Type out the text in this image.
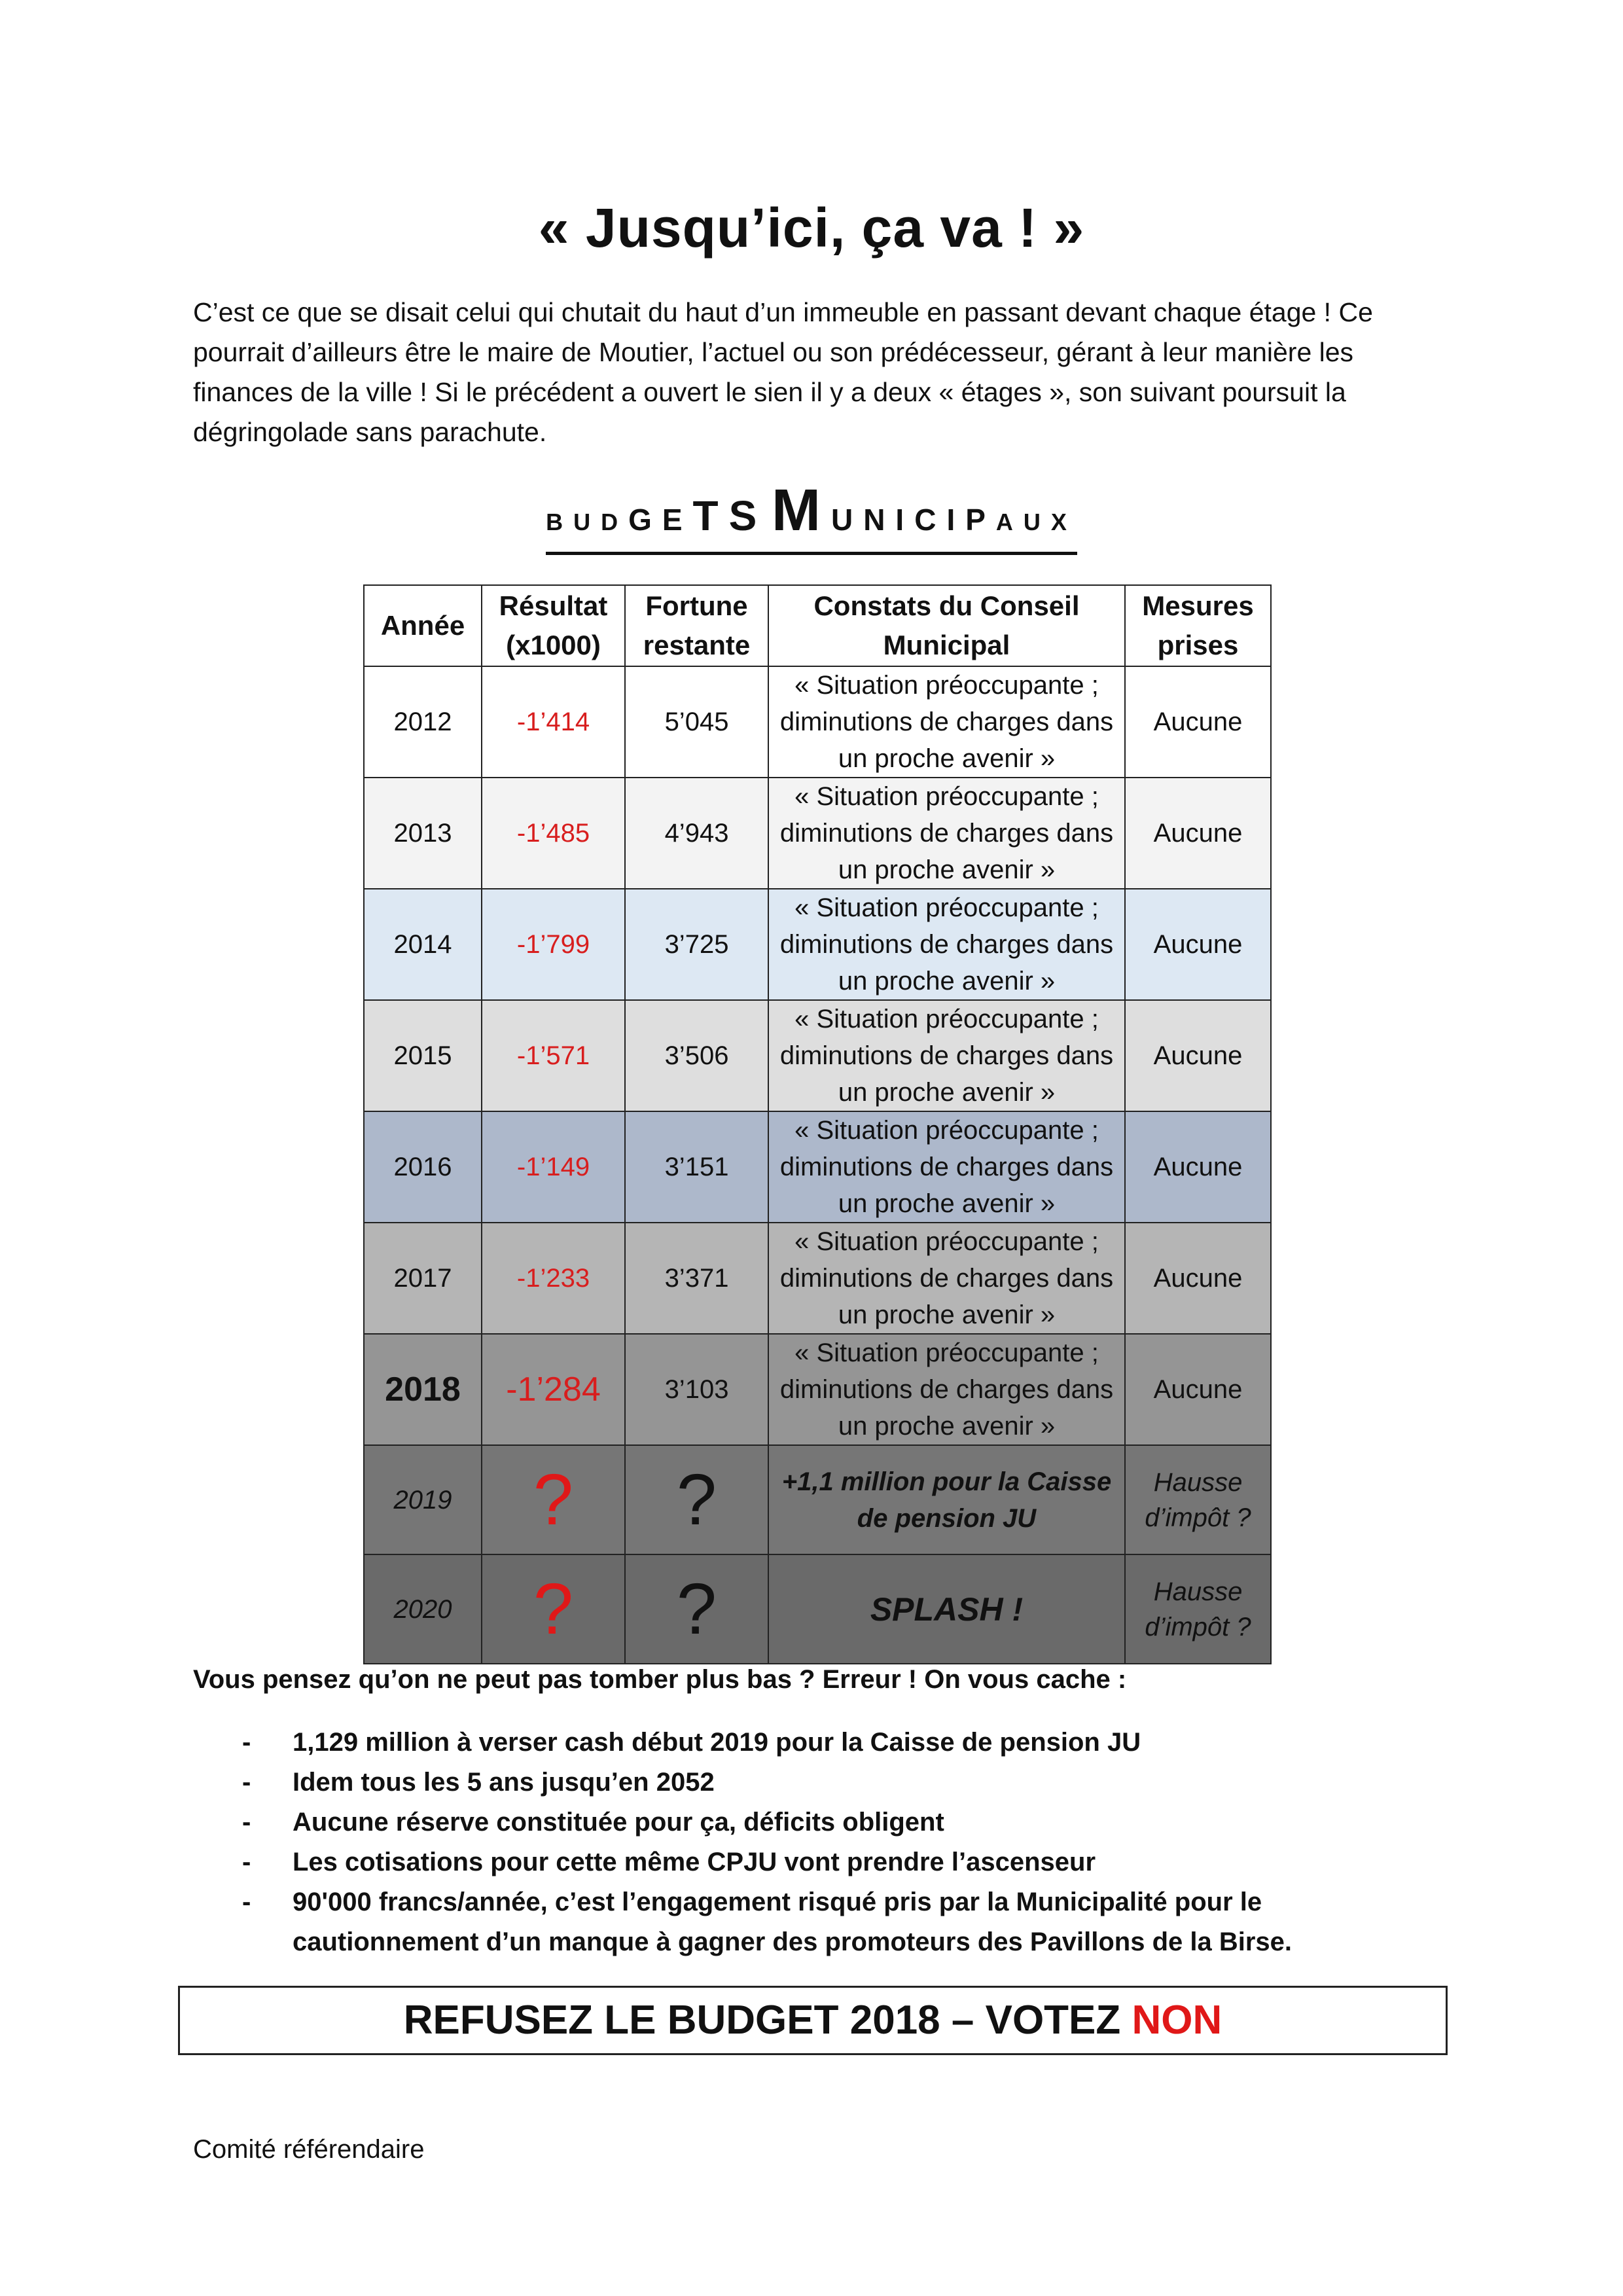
« Jusqu’ici, ça va ! »

C’est ce que se disait celui qui chutait du haut d’un immeuble en passant devant chaque étage ! Ce pourrait d’ailleurs être le maire de Moutier, l’actuel ou son prédécesseur, gérant à leur manière les finances de la ville ! Si le précédent a ouvert le sien il y a deux « étages », son suivant poursuit la dégringolade sans parachute.

BUDGETS MUNICIPAUX
Année	Résultat (x1000)	Fortune restante	Constats du Conseil Municipal	Mesures prises
2012	-1’414	5’045	« Situation préoccupante ; diminutions de charges dans un proche avenir »	Aucune
2013	-1’485	4’943	« Situation préoccupante ; diminutions de charges dans un proche avenir »	Aucune
2014	-1’799	3’725	« Situation préoccupante ; diminutions de charges dans un proche avenir »	Aucune
2015	-1’571	3’506	« Situation préoccupante ; diminutions de charges dans un proche avenir »	Aucune
2016	-1’149	3’151	« Situation préoccupante ; diminutions de charges dans un proche avenir »	Aucune
2017	-1’233	3’371	« Situation préoccupante ; diminutions de charges dans un proche avenir »	Aucune
2018	-1’284	3’103	« Situation préoccupante ; diminutions de charges dans un proche avenir »	Aucune
2019	?	?	+1,1 million pour la Caisse de pension JU	Hausse d’impôt ?
2020	?	?	SPLASH !	Hausse d’impôt ?

Vous pensez qu’on ne peut pas tomber plus bas ? Erreur ! On vous cache :

- 1,129 million à verser cash début 2019 pour la Caisse de pension JU
- Idem tous les 5 ans jusqu’en 2052
- Aucune réserve constituée pour ça, déficits obligent
- Les cotisations pour cette même CPJU vont prendre l’ascenseur
- 90'000 francs/année, c’est l’engagement risqué pris par la Municipalité pour le cautionnement d’un manque à gagner des promoteurs des Pavillons de la Birse.
REFUSEZ LE BUDGET 2018 – VOTEZ NON

Comité référendaire
